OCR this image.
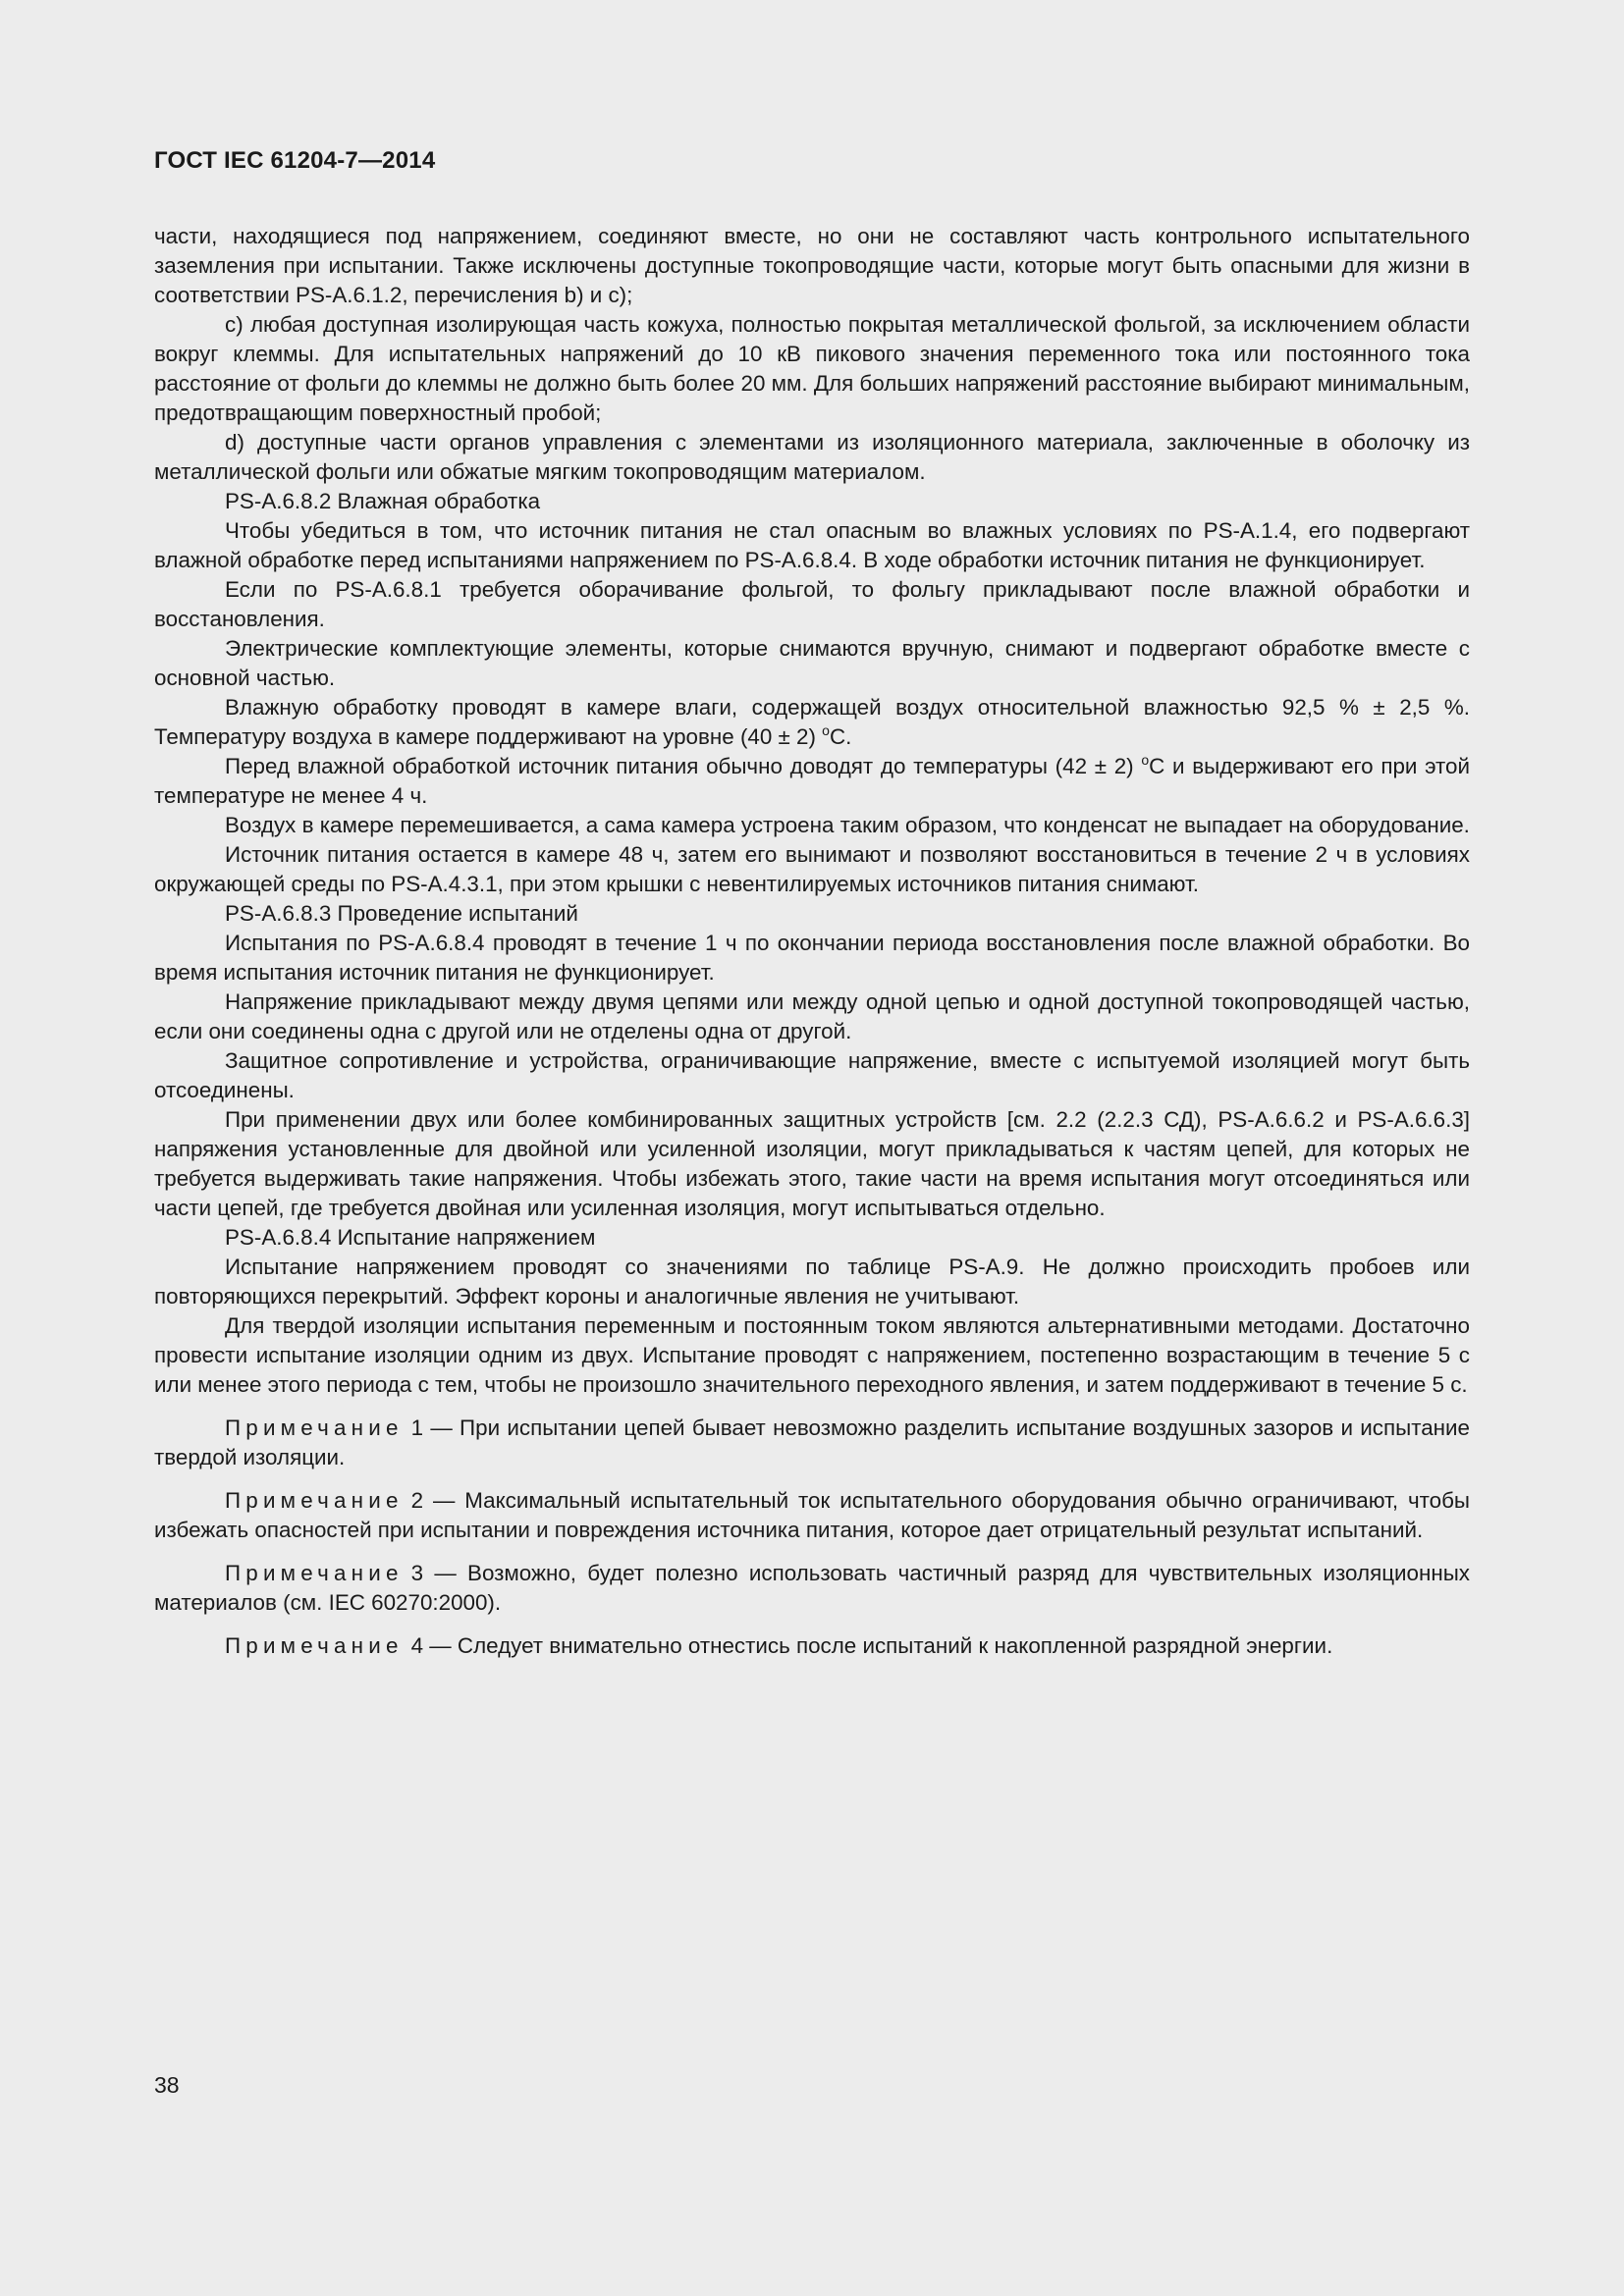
ГОСТ IEC 61204-7—2014

части, находящиеся под напряжением, соединяют вместе, но они не составляют часть контрольного испытательного заземления при испытании. Также исключены доступные токопроводящие части, которые могут быть опасными для жизни в соответствии PS-A.6.1.2, перечисления b) и с);

с) любая доступная изолирующая часть кожуха, полностью покрытая металлической фольгой, за исключением области вокруг клеммы. Для испытательных напряжений до 10 кВ пикового значения переменного тока или постоянного тока расстояние от фольги до клеммы не должно быть более 20 мм. Для больших напряжений расстояние выбирают минимальным, предотвращающим поверхностный пробой;

d) доступные части органов управления с элементами из изоляционного материала, заключенные в оболочку из металлической фольги или обжатые мягким токопроводящим материалом.

PS-A.6.8.2 Влажная обработка

Чтобы убедиться в том, что источник питания не стал опасным во влажных условиях по PS-A.1.4, его подвергают влажной обработке перед испытаниями напряжением по PS-A.6.8.4. В ходе обработки источник питания не функционирует.

Если по PS-A.6.8.1 требуется оборачивание фольгой, то фольгу прикладывают после влажной обработки и восстановления.

Электрические комплектующие элементы, которые снимаются вручную, снимают и подвергают обработке вместе с основной частью.

Влажную обработку проводят в камере влаги, содержащей воздух относительной влажностью 92,5 % ± 2,5 %. Температуру воздуха в камере поддерживают на уровне (40 ± 2) $^o$C.

Перед влажной обработкой источник питания обычно доводят до температуры (42 ± 2) $^o$С и выдерживают его при этой температуре не менее 4 ч.

Воздух в камере перемешивается, а сама камера устроена таким образом, что конденсат не выпадает на оборудование.

Источник питания остается в камере 48 ч, затем его вынимают и позволяют восстановиться в течение 2 ч в условиях окружающей среды по PS-A.4.3.1, при этом крышки с невентилируемых источников питания снимают.

PS-A.6.8.3 Проведение испытаний

Испытания по PS-A.6.8.4 проводят в течение 1 ч по окончании периода восстановления после влажной обработки. Во время испытания источник питания не функционирует.

Напряжение прикладывают между двумя цепями или между одной цепью и одной доступной токопроводящей частью, если они соединены одна с другой или не отделены одна от другой.

Защитное сопротивление и устройства, ограничивающие напряжение, вместе с испытуемой изоляцией могут быть отсоединены.

При применении двух или более комбинированных защитных устройств [см. 2.2 (2.2.3 СД), PS-A.6.6.2 и PS-A.6.6.3] напряжения установленные для двойной или усиленной изоляции, могут прикладываться к частям цепей, для которых не требуется выдерживать такие напряжения. Чтобы избежать этого, такие части на время испытания могут отсоединяться или части цепей, где требуется двойная или усиленная изоляция, могут испытываться отдельно.

PS-A.6.8.4 Испытание напряжением

Испытание напряжением проводят со значениями по таблице PS-A.9. Не должно происходить пробоев или повторяющихся перекрытий. Эффект короны и аналогичные явления не учитывают.

Для твердой изоляции испытания переменным и постоянным током являются альтернативными методами. Достаточно провести испытание изоляции одним из двух. Испытание проводят с напряжением, постепенно возрастающим в течение 5 с или менее этого периода с тем, чтобы не произошло значительного переходного явления, и затем поддерживают в течение 5 с.

Примечание 1 — При испытании цепей бывает невозможно разделить испытание воздушных зазоров и испытание твердой изоляции.

Примечание 2 — Максимальный испытательный ток испытательного оборудования обычно ограничивают, чтобы избежать опасностей при испытании и повреждения источника питания, которое дает отрицательный результат испытаний.

Примечание 3 — Возможно, будет полезно использовать частичный разряд для чувствительных изоляционных материалов (см. IEC 60270:2000).

Примечание 4 — Следует внимательно отнестись после испытаний к накопленной разрядной энергии.

38
